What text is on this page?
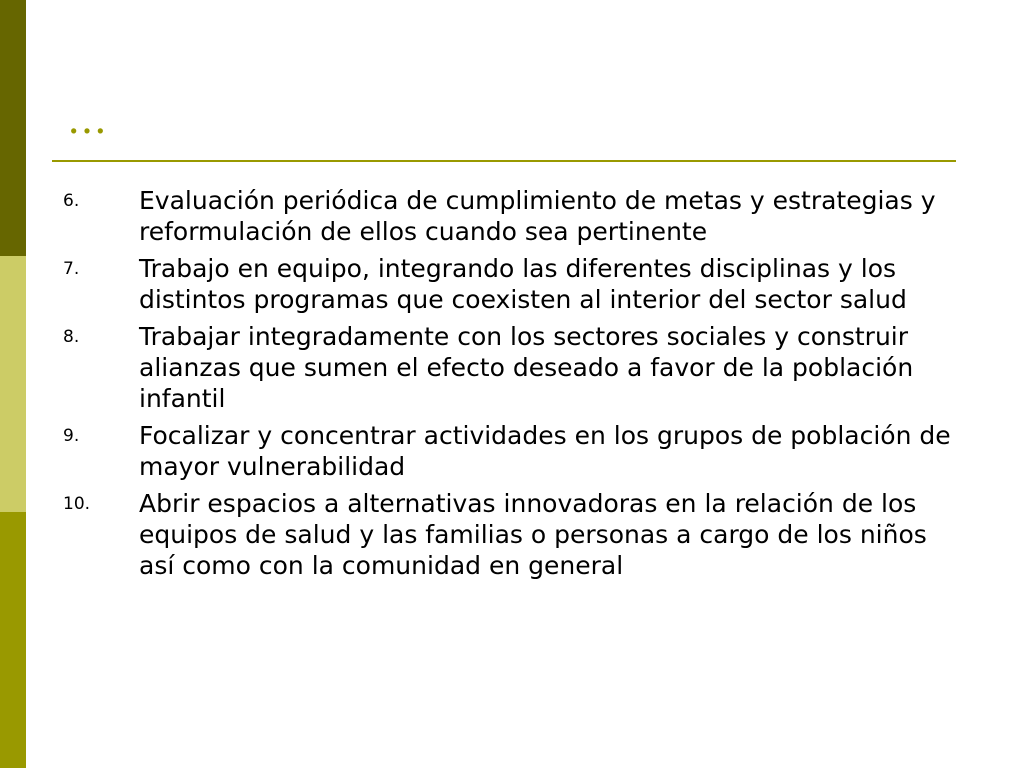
…
6.	Evaluación periódica de cumplimiento de metas y estrategias y reformulación de ellos cuando sea pertinente
7.	Trabajo en equipo, integrando las diferentes disciplinas y los distintos programas que coexisten al interior del sector salud
8.	Trabajar integradamente con los sectores sociales y construir alianzas que sumen el efecto deseado a favor de la población infantil
9.	Focalizar y concentrar actividades en los grupos de población de mayor vulnerabilidad
10.	Abrir espacios a alternativas innovadoras en la relación de los equipos de salud y las familias o personas a cargo de los niños así como con la comunidad en general
